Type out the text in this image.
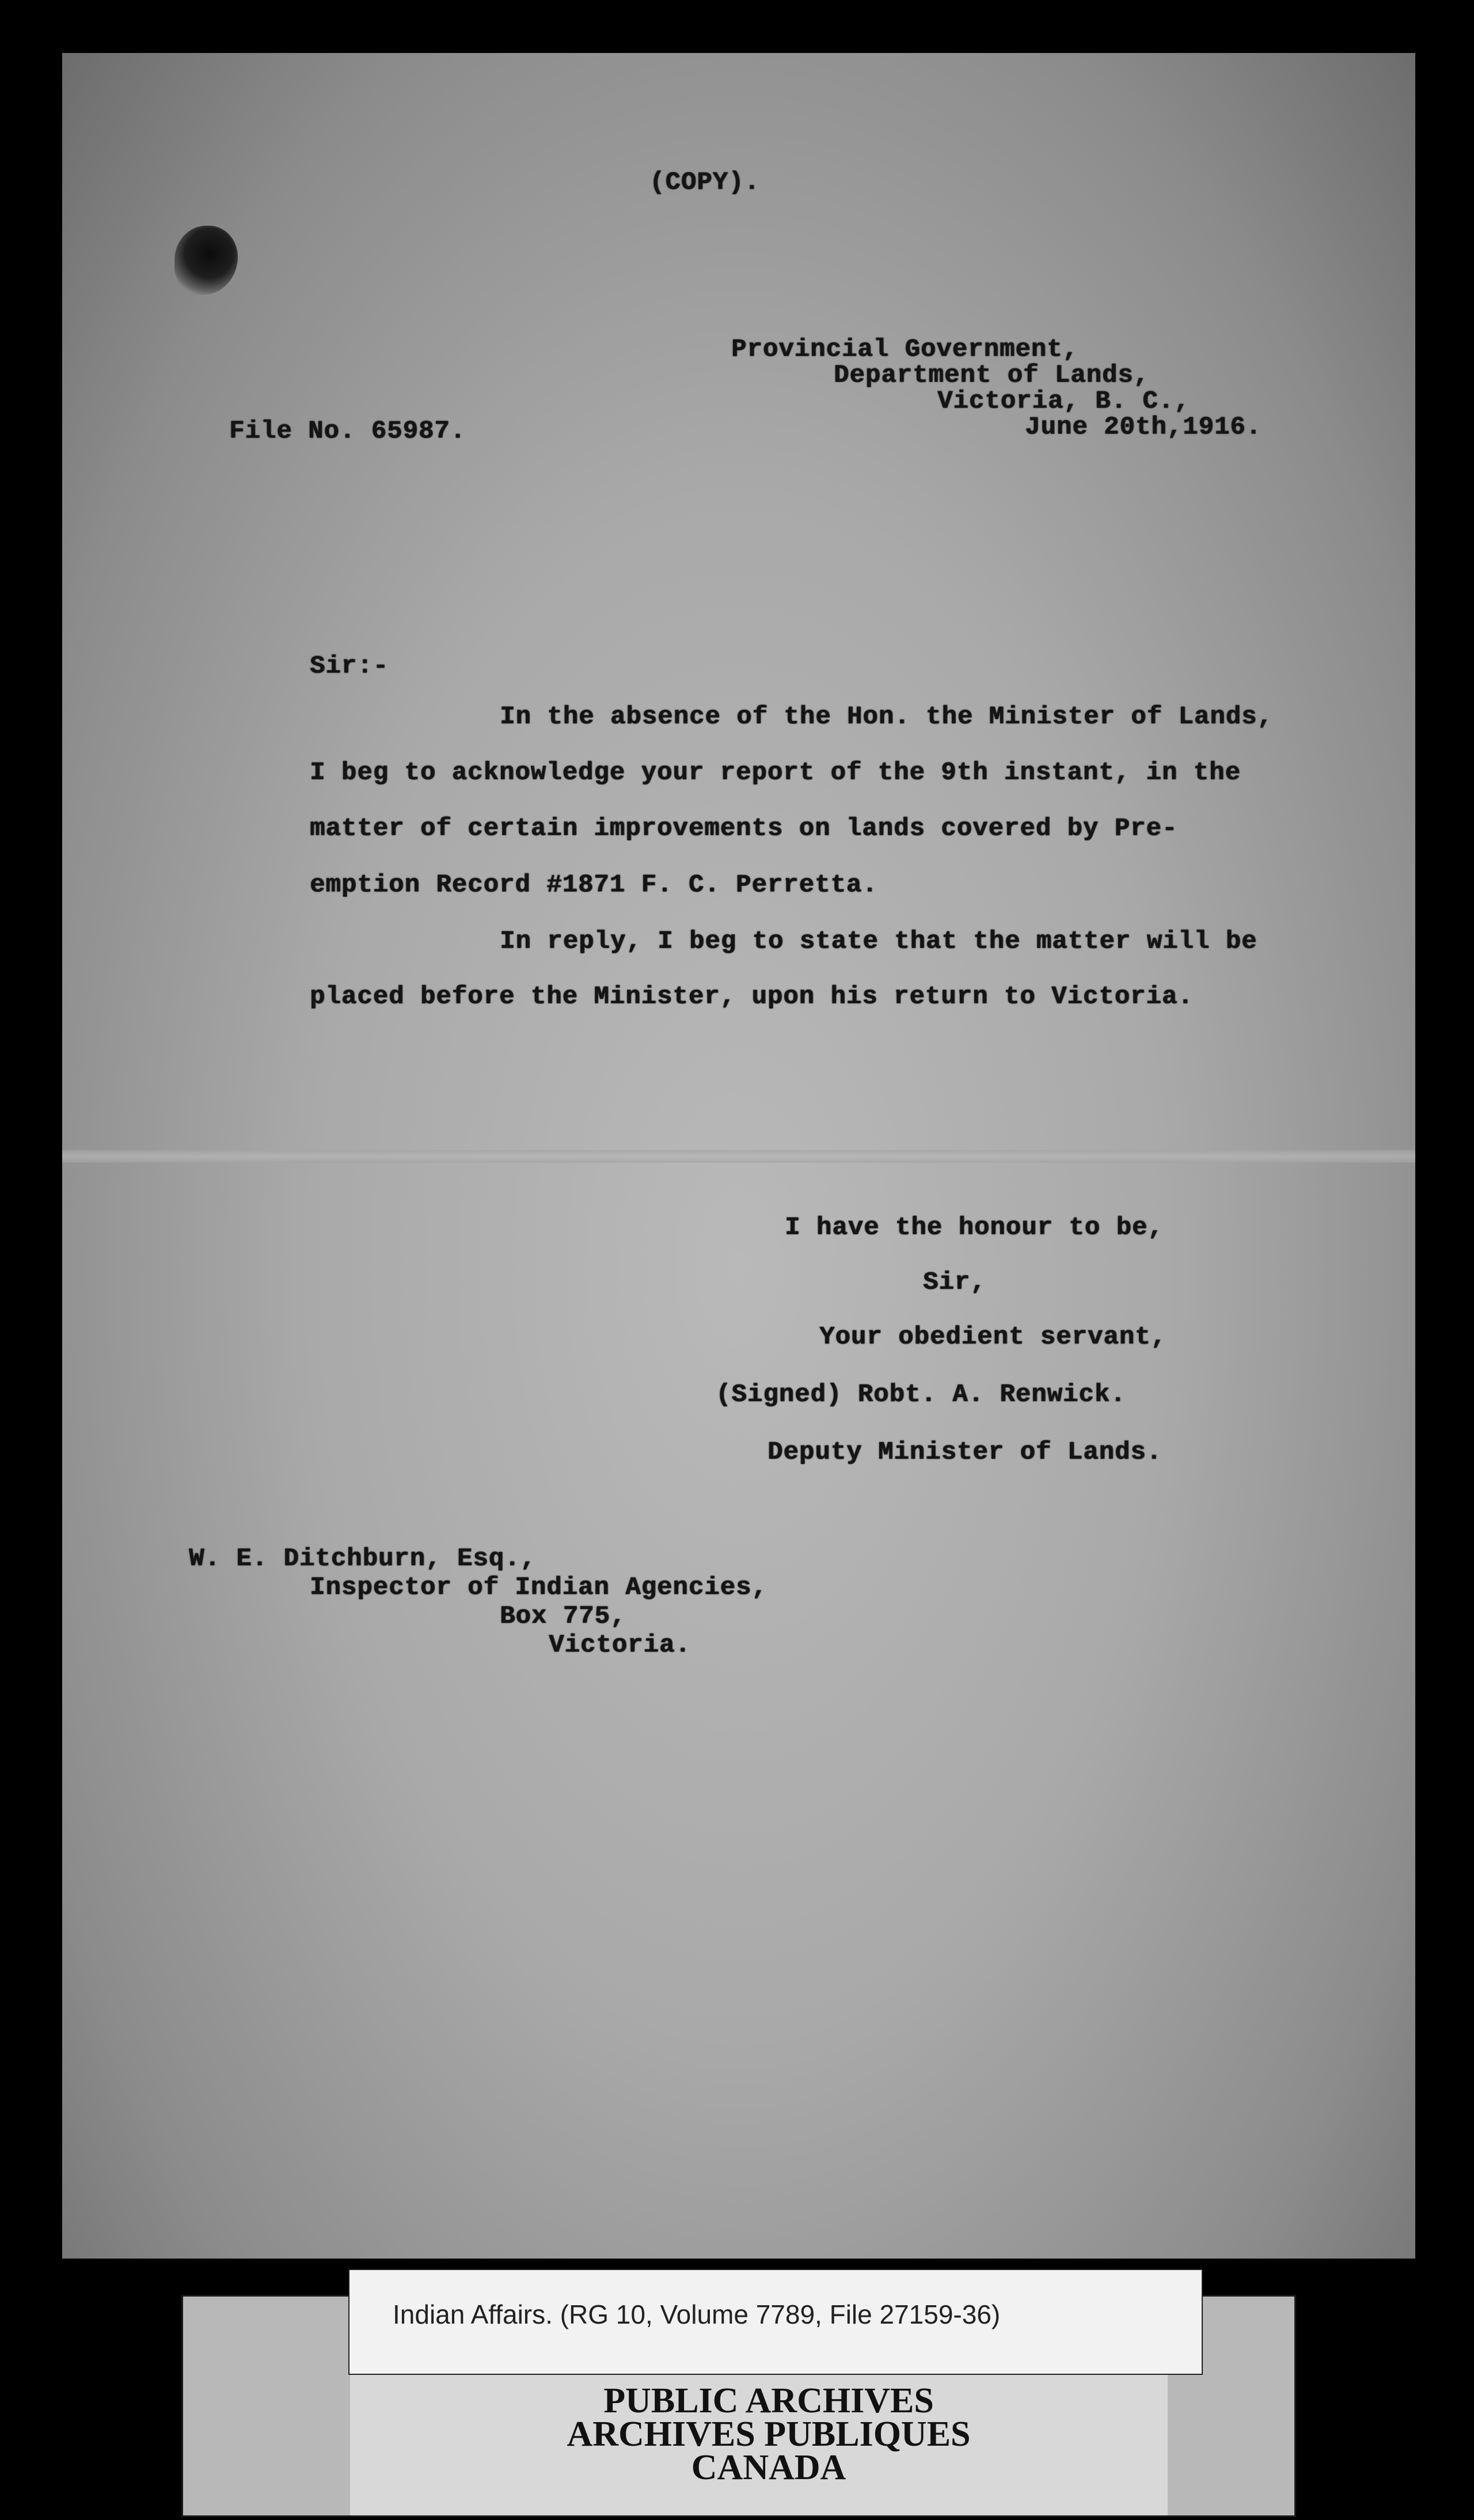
(COPY).
Provincial Government,
Department of Lands,
Victoria, B. C.,
June 20th,1916.
File No. 65987.
Sir:-
In the absence of the Hon. the Minister of Lands,
I beg to acknowledge your report of the 9th instant, in the
matter of certain improvements on lands covered by Pre-
emption Record #1871 F. C. Perretta.
In reply, I beg to state that the matter will be
placed before the Minister, upon his return to Victoria.
I have the honour to be,
Sir,
Your obedient servant,
(Signed) Robt. A. Renwick.
Deputy Minister of Lands.
W. E. Ditchburn, Esq.,
Inspector of Indian Agencies,
Box 775,
Victoria.
Indian Affairs. (RG 10, Volume 7789, File 27159-36)
PUBLIC ARCHIVES
ARCHIVES PUBLIQUES
CANADA
